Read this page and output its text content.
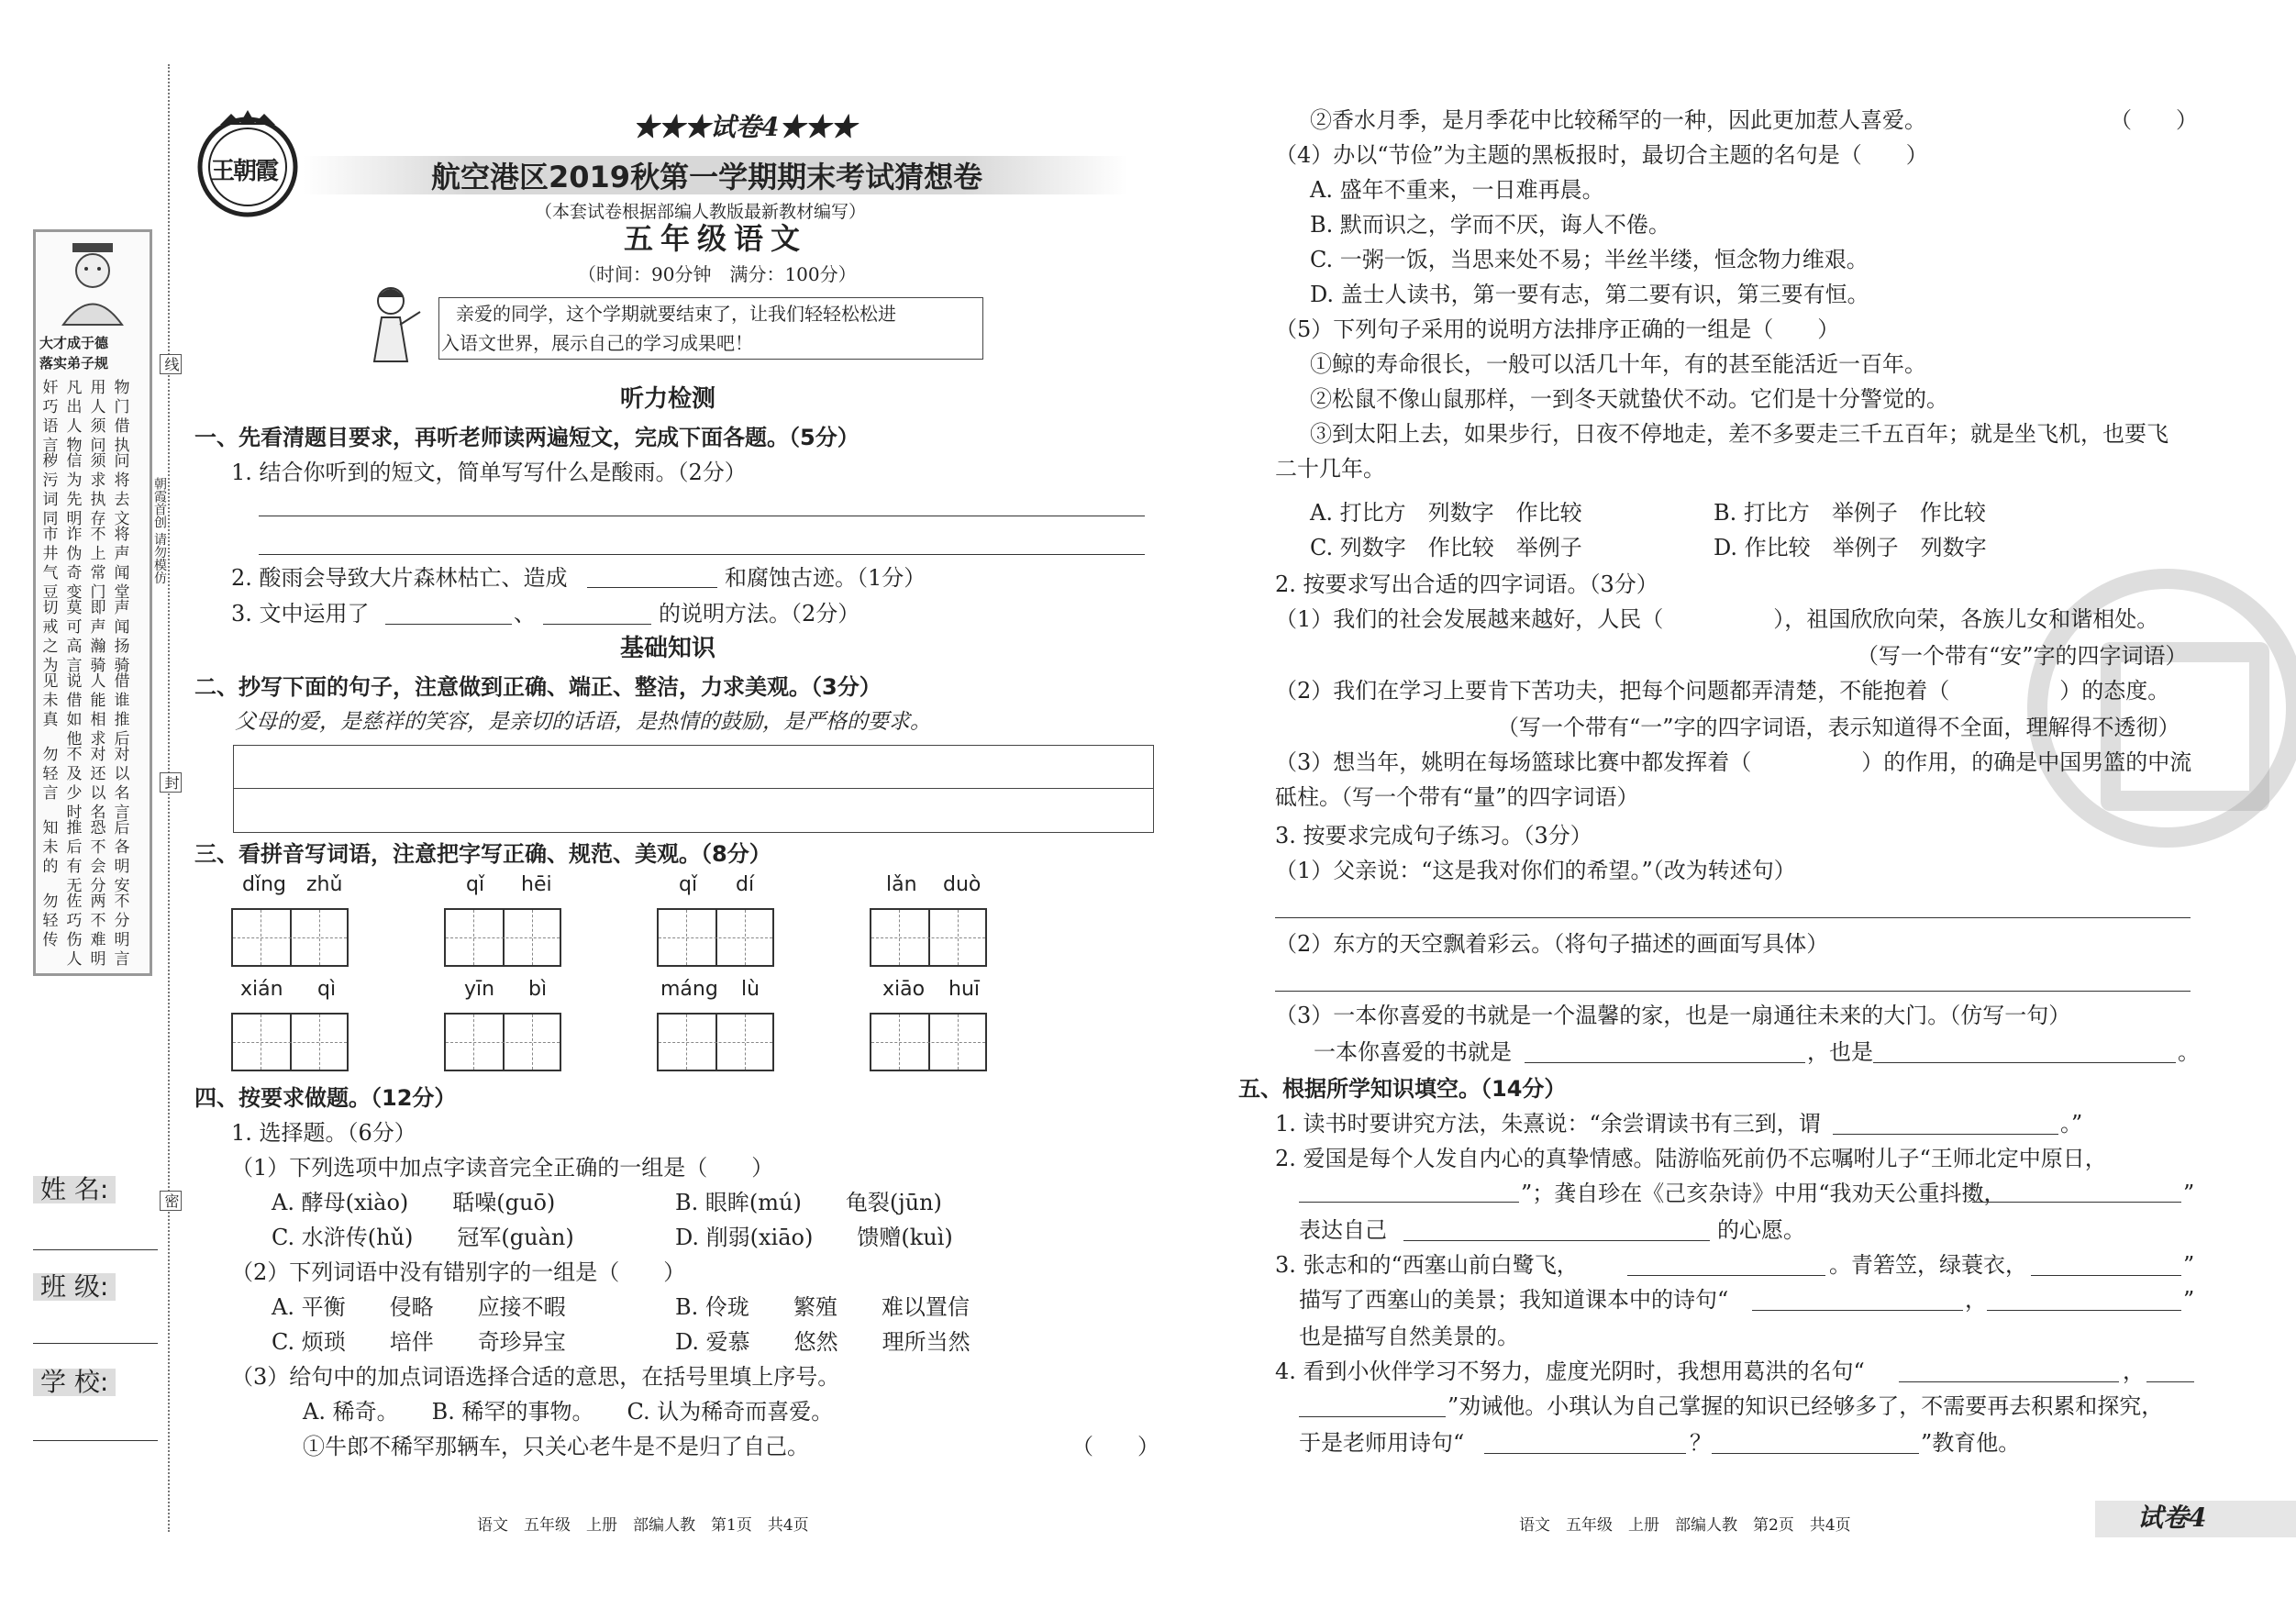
大才成于德
落实弟子规
奸巧语言
凡出人物
用人须问
物门借执
秽污词同
信为先明
须求执存
问将去文
市井气豆
诈伪奇变
不上常门
将声闻堂
切戒之为
莫可高言
即声瀚骑
声闻扬骑
见未真
说借如他
人能相求
借谁推后
勿轻言
不及少时
对还以名
对以名言
知未的
推后有无
恐不会分
后各明安
勿轻传
佐巧伤人
两不难明
不分明言
线
朝霞首创 请勿模仿
封
密
姓 名:
班 级:
学 校:
王朝霞
★★★试卷4★★★
航空港区2019秋第一学期期末考试猜想卷
（本套试卷根据部编人教版最新教材编写）
五年级语文
（时间：90分钟　满分：100分）
亲爱的同学，这个学期就要结束了，让我们轻轻松松进
入语文世界，展示自己的学习成果吧！
听力检测
一、先看清题目要求，再听老师读两遍短文，完成下面各题。（5分）
1. 结合你听到的短文，简单写写什么是酸雨。（2分）
2. 酸雨会导致大片森林枯亡、造成	和腐蚀古迹。（1分）
3. 文中运用了	、	的说明方法。（2分）
基础知识
二、抄写下面的句子，注意做到正确、端正、整洁，力求美观。（3分）
父母的爱，是慈祥的笑容，是亲切的话语，是热情的鼓励，是严格的要求。
三、看拼音写词语，注意把字写正确、规范、美观。（8分）
dǐng zhǔ	qǐ hēi	qǐ dí	lǎn duò
xián qì	yīn bì	máng lù	xiāo huī
四、按要求做题。（12分）
1. 选择题。（6分）
（1）下列选项中加点字读音完全正确的一组是（　　）
A. 酵母(xiào)　　聒噪(guō)	B. 眼眸(mú)　　龟裂(jūn)
C. 水浒传(hǔ)　　冠军(guàn)	D. 削弱(xiāo)　　馈赠(kuì)
（2）下列词语中没有错别字的一组是（　　）
A. 平衡　　侵略　　应接不暇	B. 伶珑　　繁殖　　难以置信
C. 烦琐　　培伴　　奇珍异宝	D. 爱慕　　悠然　　理所当然
（3）给句中的加点词语选择合适的意思，在括号里填上序号。
A. 稀奇。　　B. 稀罕的事物。　　C. 认为稀奇而喜爱。
①牛郎不稀罕那辆车，只关心老牛是不是归了自己。	（　　）
语文　五年级　上册　部编人教　第1页　共4页
②香水月季，是月季花中比较稀罕的一种，因此更加惹人喜爱。	（　　）
（4）办以“节俭”为主题的黑板报时，最切合主题的名句是（　　）
A. 盛年不重来，一日难再晨。
B. 默而识之，学而不厌，诲人不倦。
C. 一粥一饭，当思来处不易；半丝半缕，恒念物力维艰。
D. 盖士人读书，第一要有志，第二要有识，第三要有恒。
（5）下列句子采用的说明方法排序正确的一组是（　　）
①鲸的寿命很长，一般可以活几十年，有的甚至能活近一百年。
②松鼠不像山鼠那样，一到冬天就蛰伏不动。它们是十分警觉的。
③到太阳上去，如果步行，日夜不停地走，差不多要走三千五百年；就是坐飞机，也要飞
二十几年。
A. 打比方　列数字　作比较	B. 打比方　举例子　作比较
C. 列数字　作比较　举例子	D. 作比较　举例子　列数字
2. 按要求写出合适的四字词语。（3分）
（1）我们的社会发展越来越好，人民（　　　　　），祖国欣欣向荣，各族儿女和谐相处。
（写一个带有“安”字的四字词语）
（2）我们在学习上要肯下苦功夫，把每个问题都弄清楚，不能抱着（　　　　　）的态度。
（写一个带有“一”字的四字词语，表示知道得不全面，理解得不透彻）
（3）想当年，姚明在每场篮球比赛中都发挥着（　　　　　）的作用，的确是中国男篮的中流
砥柱。（写一个带有“量”的四字词语）
3. 按要求完成句子练习。（3分）
（1）父亲说：“这是我对你们的希望。”（改为转述句）
（2）东方的天空飘着彩云。（将句子描述的画面写具体）
（3）一本你喜爱的书就是一个温馨的家，也是一扇通往未来的大门。（仿写一句）
一本你喜爱的书就是	，也是	。
五、根据所学知识填空。（14分）
1. 读书时要讲究方法，朱熹说：“余尝谓读书有三到，谓	。”
2. 爱国是每个人发自内心的真挚情感。陆游临死前仍不忘嘱咐儿子“王师北定中原日，
”；龚自珍在《己亥杂诗》中用“我劝天公重抖擞，	”
表达自己	的心愿。
3. 张志和的“西塞山前白鹭飞，	。青箬笠，绿蓑衣，	”
描写了西塞山的美景；我知道课本中的诗句“	，	”
也是描写自然美景的。
4. 看到小伙伴学习不努力，虚度光阴时，我想用葛洪的名句“	，
”劝诫他。小琪认为自己掌握的知识已经够多了，不需要再去积累和探究，
于是老师用诗句“	？	”教育他。
语文　五年级　上册　部编人教　第2页　共4页	试卷4
